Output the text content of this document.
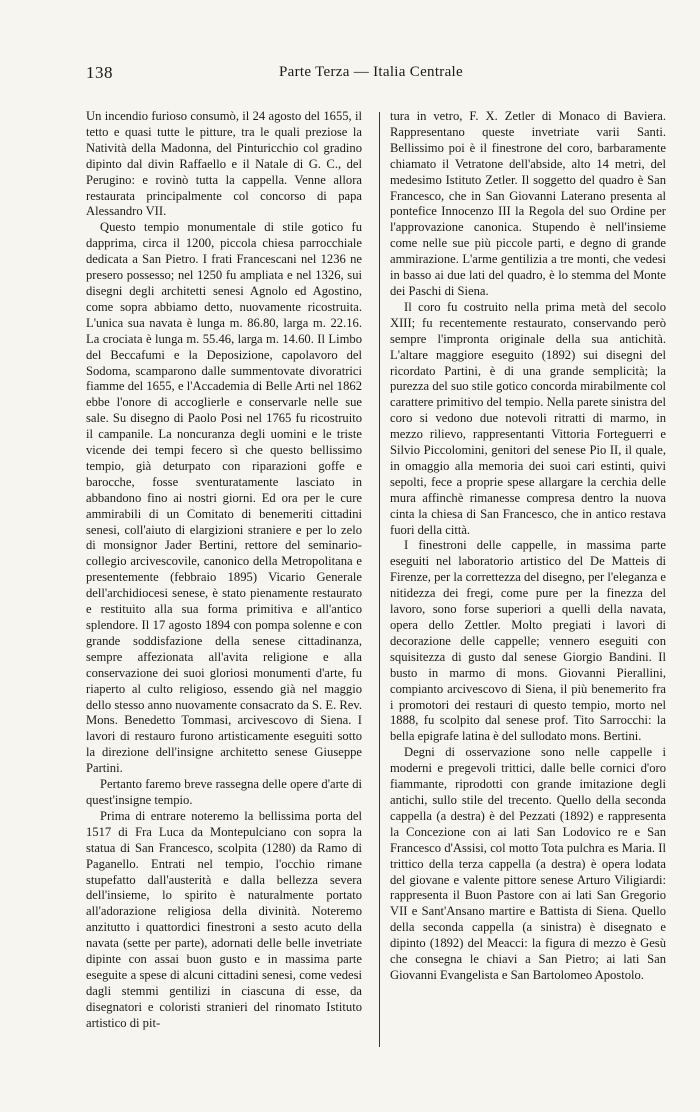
138	Parte Terza — Italia Centrale

Un incendio furioso consumò, il 24 agosto del 1655, il tetto e quasi tutte le pitture, tra le quali preziose la Natività della Madonna, del Pinturicchio col gradino dipinto dal divin Raffaello e il Natale di G. C., del Perugino: e rovinò tutta la cappella. Venne allora restaurata principalmente col concorso di papa Alessandro VII.

Questo tempio monumentale di stile gotico fu dapprima, circa il 1200, piccola chiesa parrocchiale dedicata a San Pietro. I frati Francescani nel 1236 ne presero possesso; nel 1250 fu ampliata e nel 1326, sui disegni degli architetti senesi Agnolo ed Agostino, come sopra abbiamo detto, nuovamente ricostruita. L'unica sua navata è lunga m. 86.80, larga m. 22.16. La crociata è lunga m. 55.46, larga m. 14.60. Il Limbo del Beccafumi e la Deposizione, capolavoro del Sodoma, scamparono dalle summentovate divoratrici fiamme del 1655, e l'Accademia di Belle Arti nel 1862 ebbe l'onore di accoglierle e conservarle nelle sue sale. Su disegno di Paolo Posi nel 1765 fu ricostruito il campanile. La noncuranza degli uomini e le triste vicende dei tempi fecero sì che questo bellissimo tempio, già deturpato con riparazioni goffe e barocche, fosse sventuratamente lasciato in abbandono fino ai nostri giorni. Ed ora per le cure ammirabili di un Comitato di benemeriti cittadini senesi, coll'aiuto di elargizioni straniere e per lo zelo di monsignor Jader Bertini, rettore del seminario-collegio arcivescovile, canonico della Metropolitana e presentemente (febbraio 1895) Vicario Generale dell'archidiocesi senese, è stato pienamente restaurato e restituito alla sua forma primitiva e all'antico splendore. Il 17 agosto 1894 con pompa solenne e con grande soddisfazione della senese cittadinanza, sempre affezionata all'avita religione e alla conservazione dei suoi gloriosi monumenti d'arte, fu riaperto al culto religioso, essendo già nel maggio dello stesso anno nuovamente consacrato da S. E. Rev. Mons. Benedetto Tommasi, arcivescovo di Siena. I lavori di restauro furono artisticamente eseguiti sotto la direzione dell'insigne architetto senese Giuseppe Partini.

Pertanto faremo breve rassegna delle opere d'arte di quest'insigne tempio.

Prima di entrare noteremo la bellissima porta del 1517 di Fra Luca da Montepulciano con sopra la statua di San Francesco, scolpita (1280) da Ramo di Paganello. Entrati nel tempio, l'occhio rimane stupefatto dall'austerità e dalla bellezza severa dell'insieme, lo spirito è naturalmente portato all'adorazione religiosa della divinità. Noteremo anzitutto i quattordici finestroni a sesto acuto della navata (sette per parte), adornati delle belle invetriate dipinte con assai buon gusto e in massima parte eseguite a spese di alcuni cittadini senesi, come vedesi dagli stemmi gentilizi in ciascuna di esse, da disegnatori e coloristi stranieri del rinomato Istituto artistico di pit-

tura in vetro, F. X. Zetler di Monaco di Baviera. Rappresentano queste invetriate varii Santi. Bellissimo poi è il finestrone del coro, barbaramente chiamato il Vetratone dell'abside, alto 14 metri, del medesimo Istituto Zetler. Il soggetto del quadro è San Francesco, che in San Giovanni Laterano presenta al pontefice Innocenzo III la Regola del suo Ordine per l'approvazione canonica. Stupendo è nell'insieme come nelle sue più piccole parti, e degno di grande ammirazione. L'arme gentilizia a tre monti, che vedesi in basso ai due lati del quadro, è lo stemma del Monte dei Paschi di Siena.

Il coro fu costruito nella prima metà del secolo XIII; fu recentemente restaurato, conservando però sempre l'impronta originale della sua antichità. L'altare maggiore eseguito (1892) sui disegni del ricordato Partini, è di una grande semplicità; la purezza del suo stile gotico concorda mirabilmente col carattere primitivo del tempio. Nella parete sinistra del coro si vedono due notevoli ritratti di marmo, in mezzo rilievo, rappresentanti Vittoria Forteguerri e Silvio Piccolomini, genitori del senese Pio II, il quale, in omaggio alla memoria dei suoi cari estinti, quivi sepolti, fece a proprie spese allargare la cerchia delle mura affinchè rimanesse compresa dentro la nuova cinta la chiesa di San Francesco, che in antico restava fuori della città.

I finestroni delle cappelle, in massima parte eseguiti nel laboratorio artistico del De Matteis di Firenze, per la correttezza del disegno, per l'eleganza e nitidezza dei fregi, come pure per la finezza del lavoro, sono forse superiori a quelli della navata, opera dello Zettler. Molto pregiati i lavori di decorazione delle cappelle; vennero eseguiti con squisitezza di gusto dal senese Giorgio Bandini. Il busto in marmo di mons. Giovanni Pierallini, compianto arcivescovo di Siena, il più benemerito fra i promotori dei restauri di questo tempio, morto nel 1888, fu scolpito dal senese prof. Tito Sarrocchi: la bella epigrafe latina è del sullodato mons. Bertini.

Degni di osservazione sono nelle cappelle i moderni e pregevoli trittici, dalle belle cornici d'oro fiammante, riprodotti con grande imitazione degli antichi, sullo stile del trecento. Quello della seconda cappella (a destra) è del Pezzati (1892) e rappresenta la Concezione con ai lati San Lodovico re e San Francesco d'Assisi, col motto Tota pulchra es Maria. Il trittico della terza cappella (a destra) è opera lodata del giovane e valente pittore senese Arturo Viligiardi: rappresenta il Buon Pastore con ai lati San Gregorio VII e Sant'Ansano martire e Battista di Siena. Quello della seconda cappella (a sinistra) è disegnato e dipinto (1892) del Meacci: la figura di mezzo è Gesù che consegna le chiavi a San Pietro; ai lati San Giovanni Evangelista e San Bartolomeo Apostolo.
